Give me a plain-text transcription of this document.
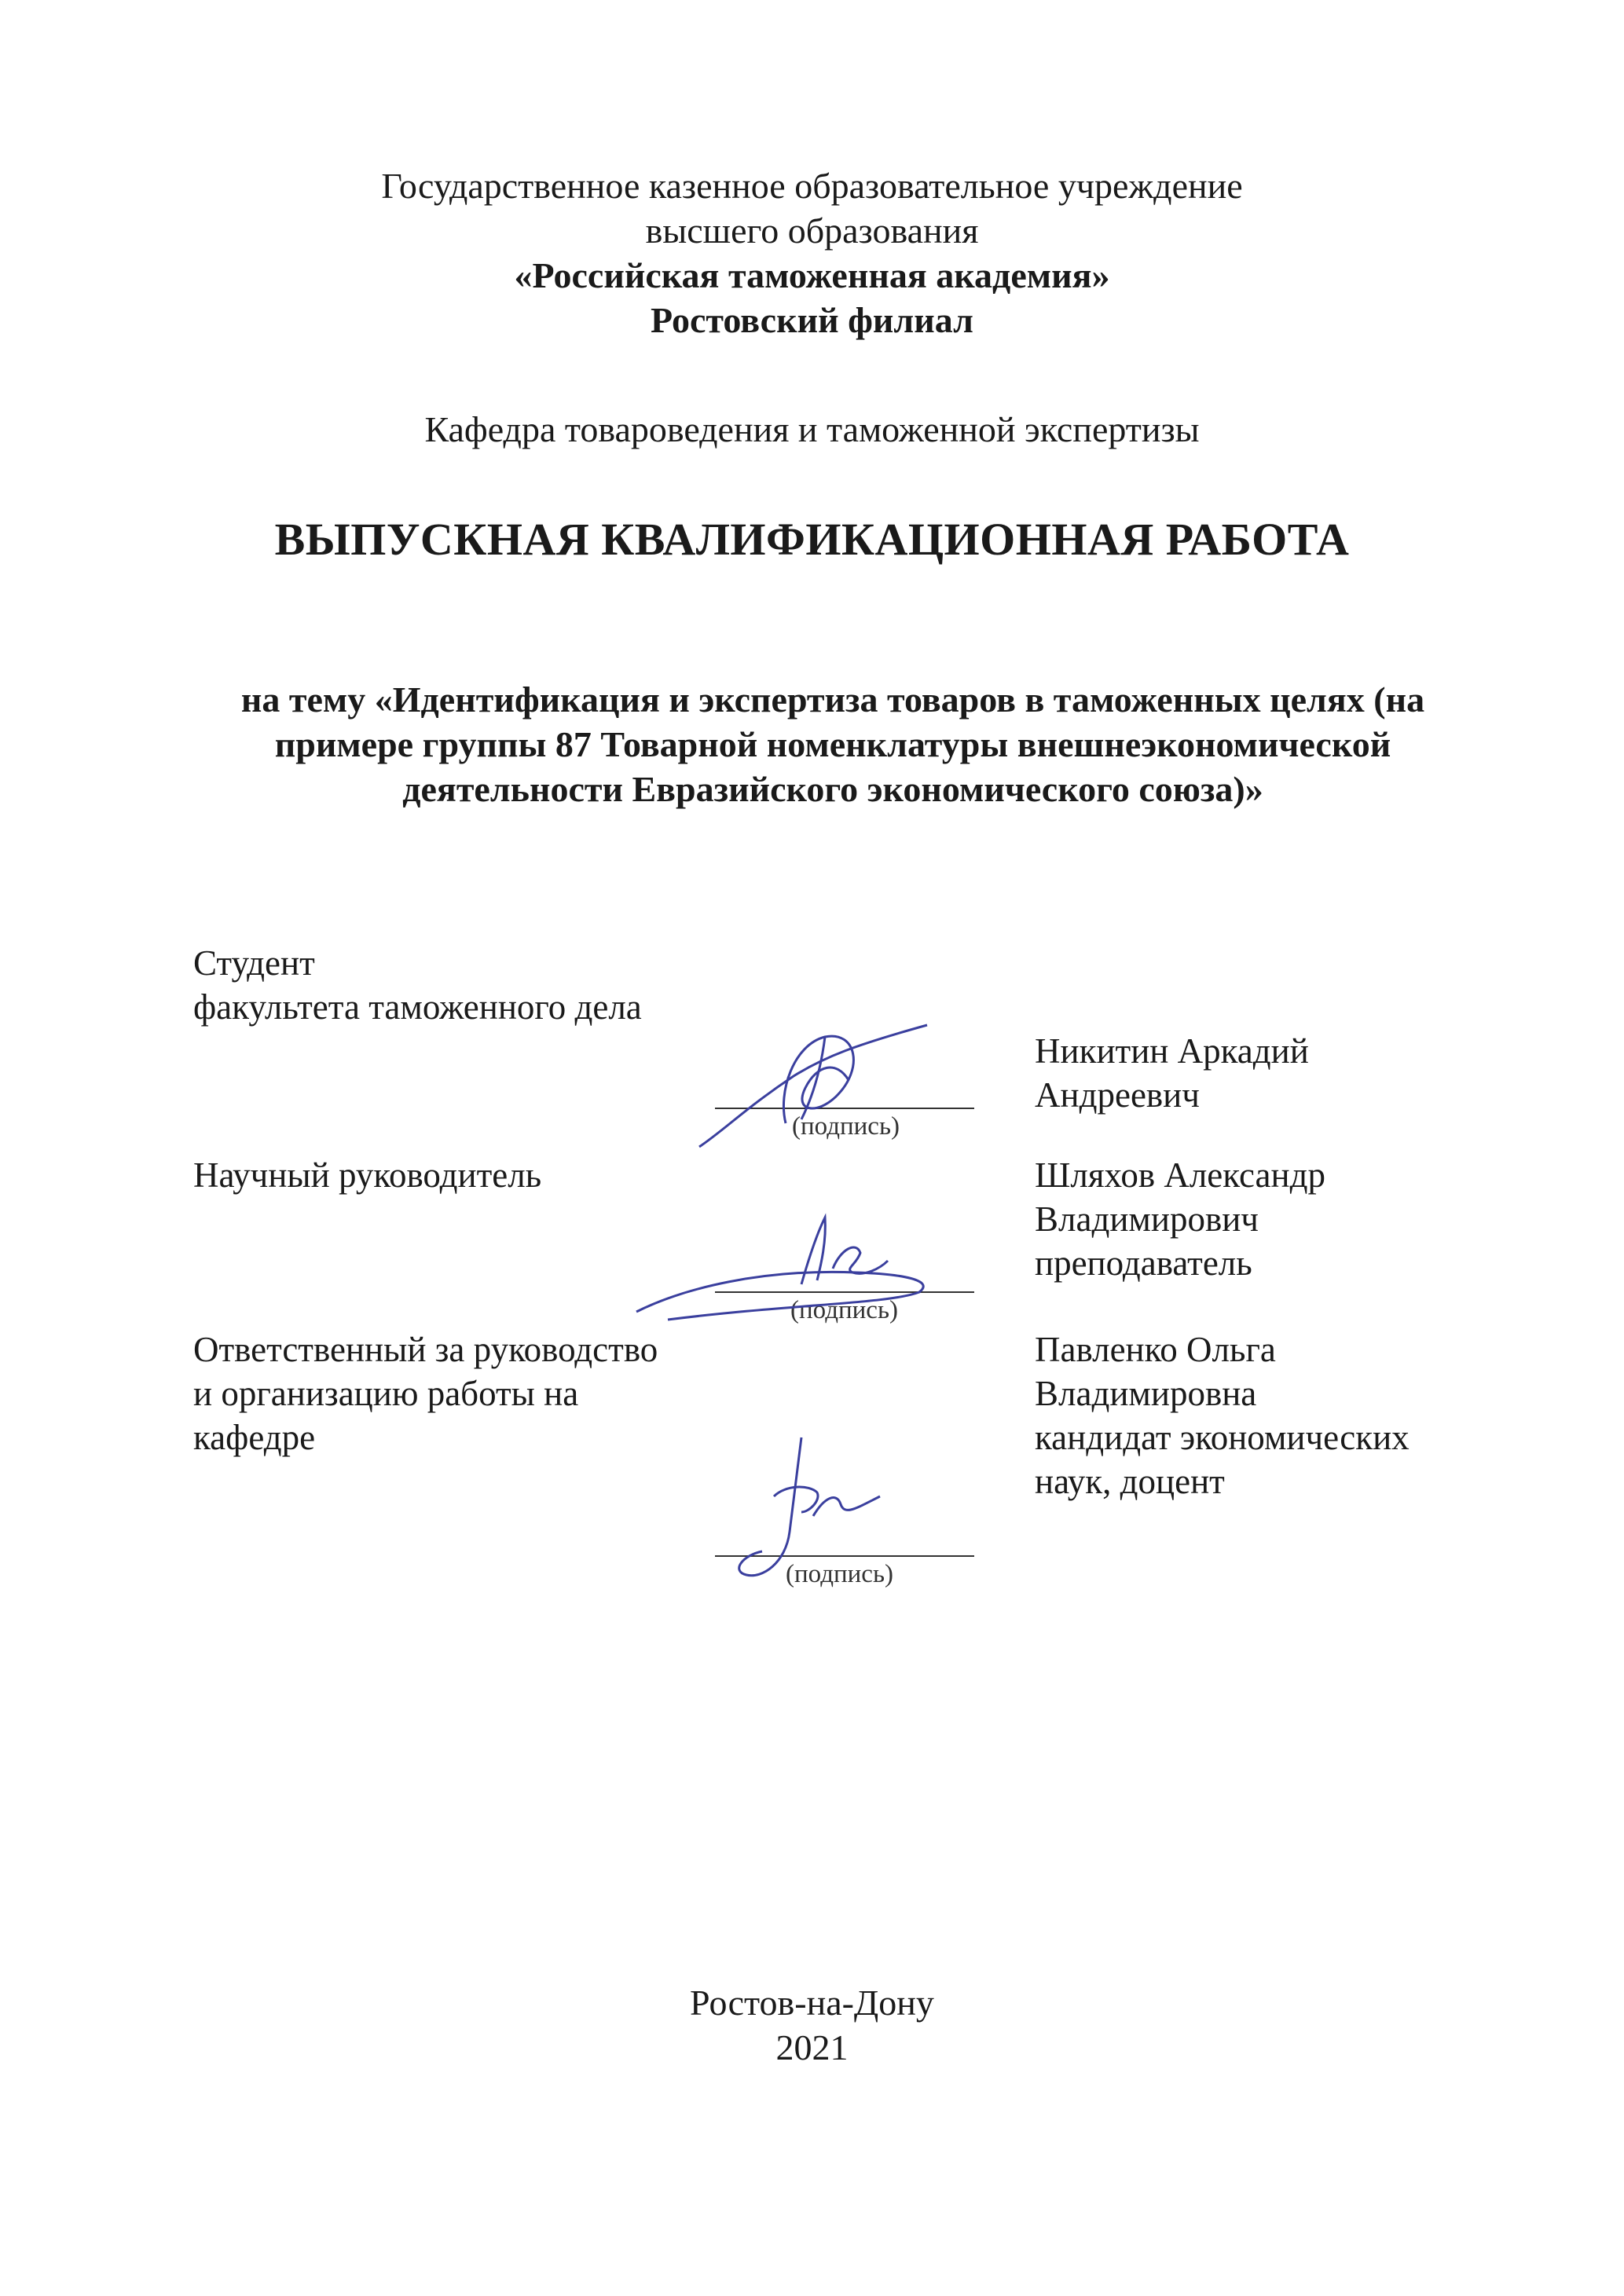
Государственное казенное образовательное учреждение
высшего образования
«Российская таможенная академия»
Ростовский филиал
Кафедра товароведения и таможенной экспертизы
ВЫПУСКНАЯ КВАЛИФИКАЦИОННАЯ РАБОТА
на тему «Идентификация и экспертиза товаров в таможенных целях (на
примере группы 87 Товарной номенклатуры внешнеэкономической
деятельности Евразийского экономического союза)»
Студент
факультета таможенного дела
Никитин Аркадий
Андреевич
(подпись)
Научный руководитель	Шляхов Александр
Владимирович
преподаватель
(подпись)
Ответственный за руководство
и организацию работы на
кафедре
Павленко Ольга
Владимировна
кандидат экономических
наук, доцент
(подпись)
Ростов-на-Дону
2021
